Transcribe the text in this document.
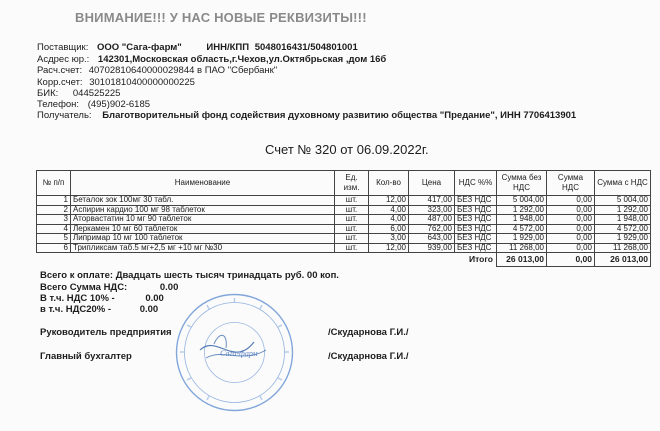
ВНИМАНИЕ!!! У НАС НОВЫЕ РЕКВИЗИТЫ!!!
Поставщик: ООО "Сага-фарм"	ИНН/КПП 5048016431/504801001
Асдрес юр.: 142301,Московская область,г.Чехов,ул.Октябрьская ,дом 16б
Расч.счет: 40702810640000029844 в ПАО "Сбербанк"
Корр.счет: 30101810400000000225
БИК: 044525225
Телефон: (495)902-6185
Получатель: Благотворительный фонд содействия духовному развитию общества "Предание", ИНН 7706413901
Счет № 320 от 06.09.2022г.
№ п/п	Наименование	Ед. изм.	Кол-во	Цена	НДС %%	Сумма без НДС	Сумма НДС	Сумма с НДС
1	Беталок зок 100мг 30 табл.	шт.	12,00	417,00	БЕЗ НДС	5 004,00	0,00	5 004,00
2	Аспирин кардио 100 мг 98 таблеток	шт.	4,00	323,00	БЕЗ НДС	1 292,00	0,00	1 292,00
3	Аторвастатин 10 мг 90 таблеток	шт.	4,00	487,00	БЕЗ НДС	1 948,00	0,00	1 948,00
4	Леркамен 10 мг 60 таблеток	шт.	6,00	762,00	БЕЗ НДС	4 572,00	0,00	4 572,00
5	Липримар 10 мг 100 таблеток	шт.	3,00	643,00	БЕЗ НДС	1 929,00	0,00	1 929,00
6	Трипликсам таб.5 мг+2,5 мг +10 мг №30	шт.	12,00	939,00	БЕЗ НДС	11 268,00	0,00	11 268,00
Итого						26 013,00	0,00	26 013,00
Всего к оплате: Двадцать шесть тысяч тринадцать руб. 00 коп.
Всего Сумма НДС:	0.00
В т.ч. НДС 10% -	0.00
в т.ч. НДС20% -	0.00
Руководитель предприятия	/Скударнова Г.И./
Главный бухгалтер	/Скударнова Г.И./
Сага-фарм
